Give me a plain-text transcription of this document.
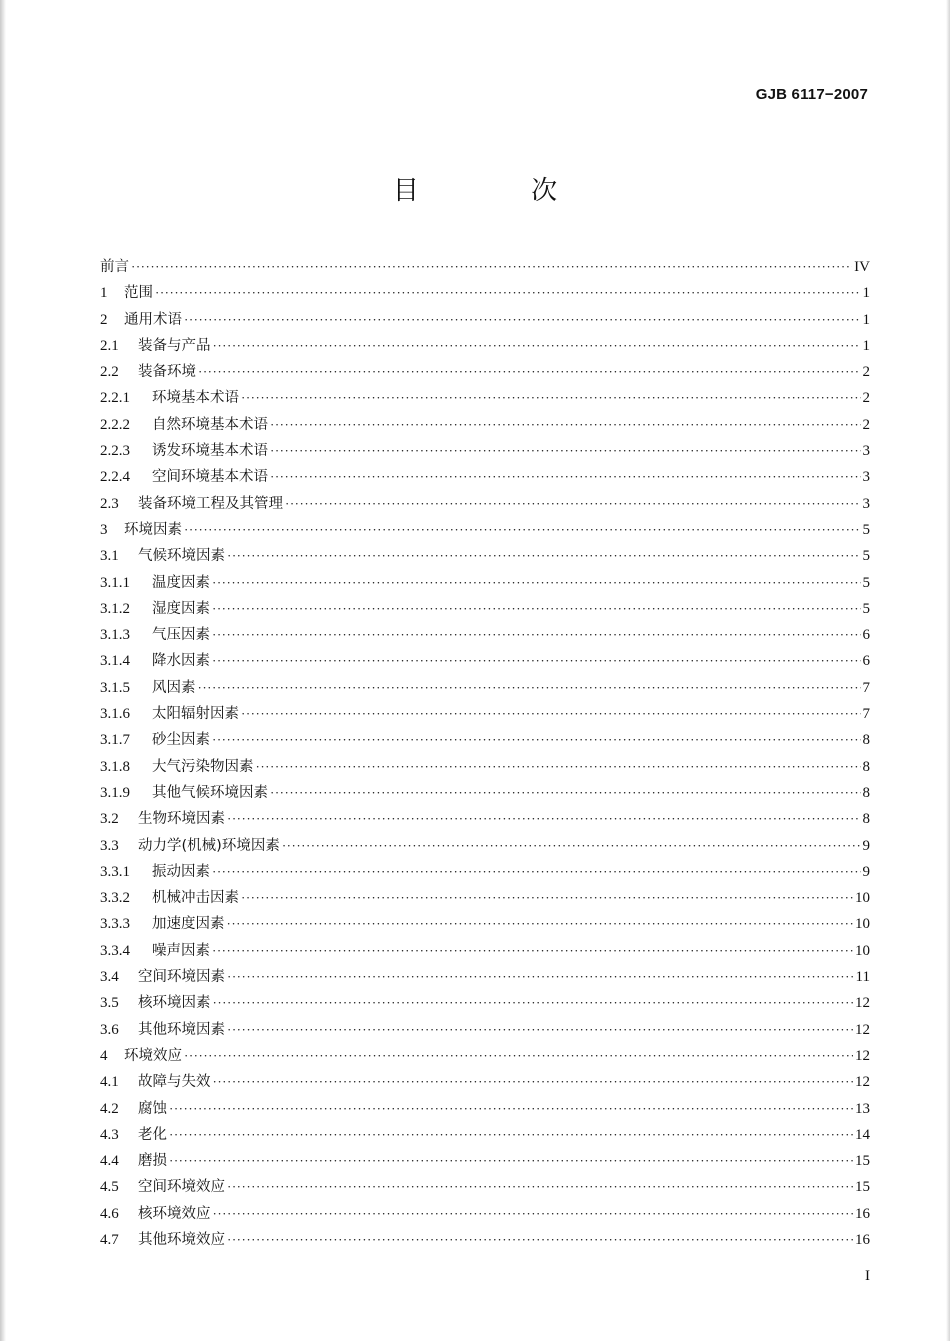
GJB 6117−2007
目 次
前言 ·····	IV
1	范围 ·····	1
2	通用术语 ·····	1
2.1	装备与产品 ·····	1
2.2	装备环境 ·····	2
2.2.1	环境基本术语 ·····	2
2.2.2	自然环境基本术语 ·····	2
2.2.3	诱发环境基本术语 ·····	3
2.2.4	空间环境基本术语 ·····	3
2.3	装备环境工程及其管理 ·····	3
3	环境因素 ·····	5
3.1	气候环境因素 ·····	5
3.1.1	温度因素 ·····	5
3.1.2	湿度因素 ·····	5
3.1.3	气压因素 ·····	6
3.1.4	降水因素 ·····	6
3.1.5	风因素 ·····	7
3.1.6	太阳辐射因素 ·····	7
3.1.7	砂尘因素 ·····	8
3.1.8	大气污染物因素 ·····	8
3.1.9	其他气候环境因素 ·····	8
3.2	生物环境因素 ·····	8
3.3	动力学(机械)环境因素 ·····	9
3.3.1	振动因素 ·····	9
3.3.2	机械冲击因素 ·····	10
3.3.3	加速度因素 ·····	10
3.3.4	噪声因素 ·····	10
3.4	空间环境因素 ·····	11
3.5	核环境因素 ·····	12
3.6	其他环境因素 ·····	12
4	环境效应 ·····	12
4.1	故障与失效 ·····	12
4.2	腐蚀 ·····	13
4.3	老化 ·····	14
4.4	磨损 ·····	15
4.5	空间环境效应 ·····	15
4.6	核环境效应 ·····	16
4.7	其他环境效应 ·····	16
I
